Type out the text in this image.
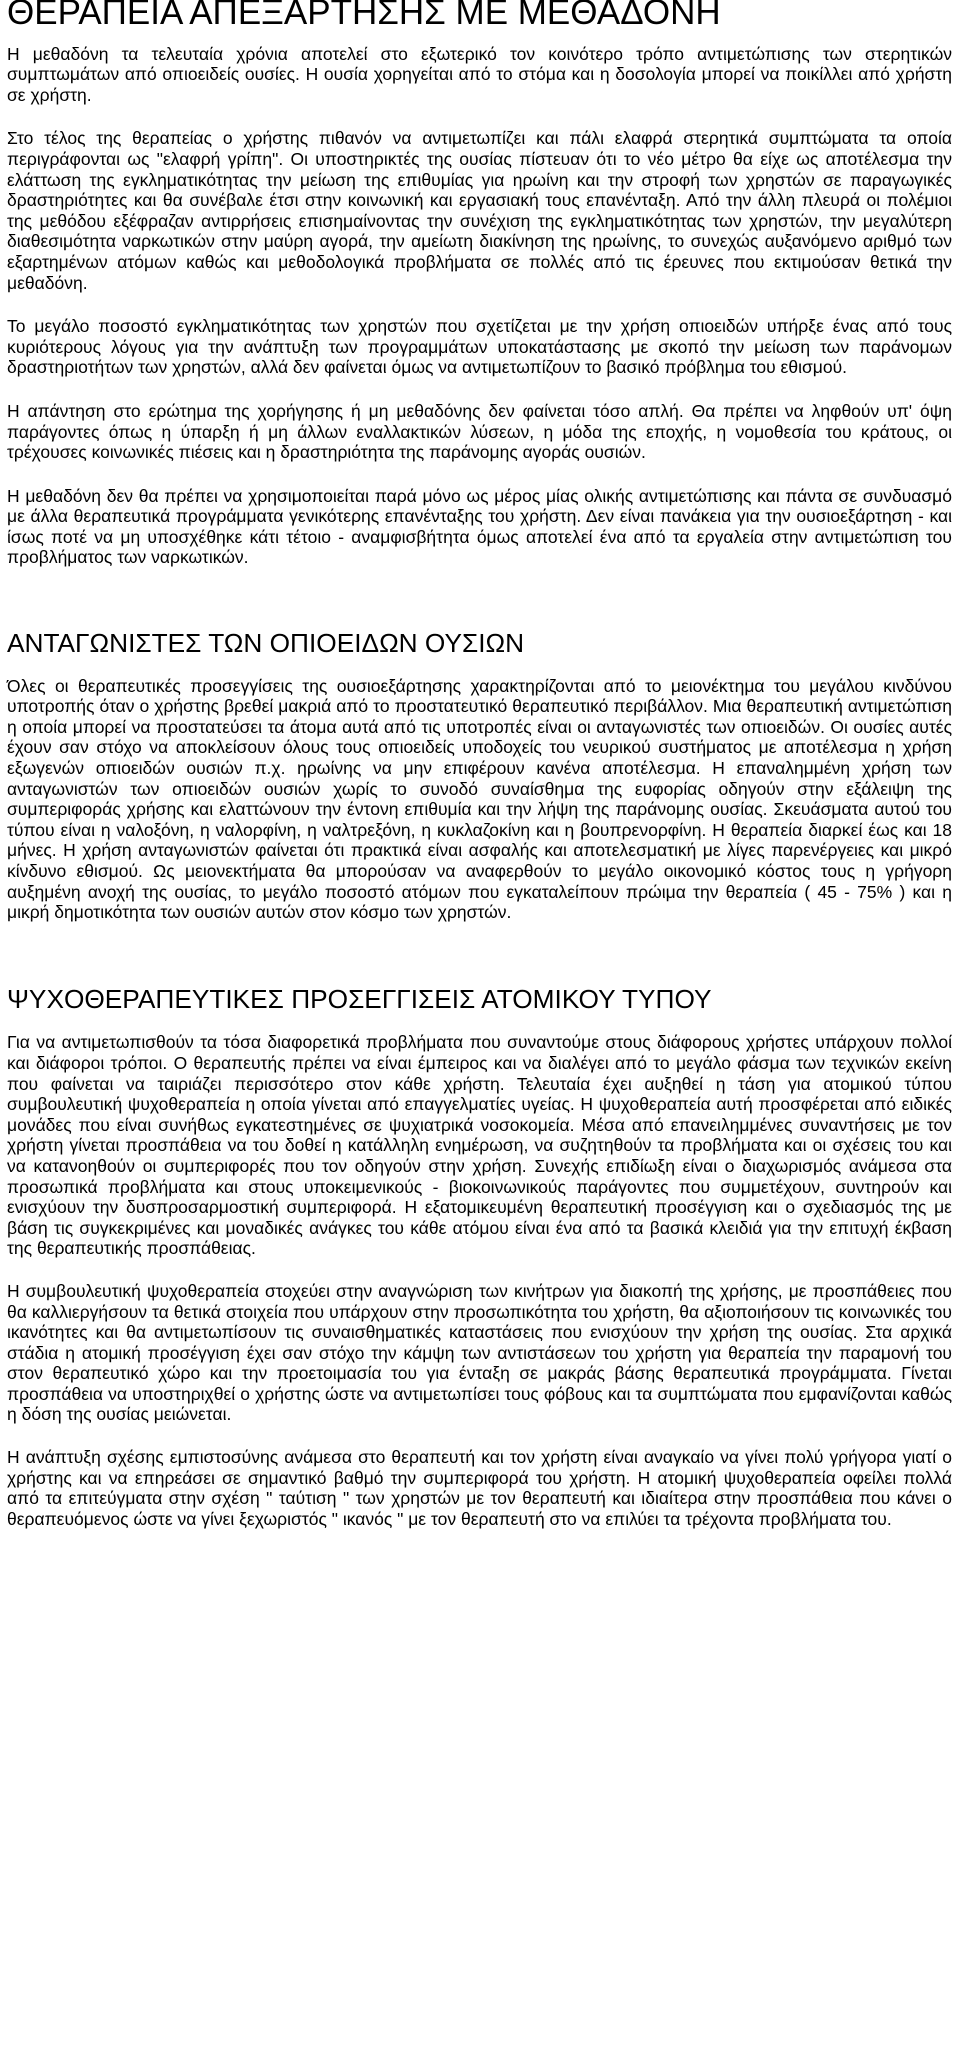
ΘΕΡΑΠΕΙΑ ΑΠΕΞΑΡΤΗΣΗΣ ΜΕ ΜΕΘΑΔΟΝΗ

Η μεθαδόνη τα τελευταία χρόνια αποτελεί στο εξωτερικό τον κοινότερο τρόπο αντιμετώπισης των στερητικών συμπτωμάτων από οπιοειδείς ουσίες. Η ουσία χορηγείται από το στόμα και η δοσολογία μπορεί να ποικίλλει από χρήστη σε χρήστη.

Στο τέλος της θεραπείας ο χρήστης πιθανόν να αντιμετωπίζει και πάλι ελαφρά στερητικά συμπτώματα τα οποία περιγράφονται ως "ελαφρή γρίπη". Οι υποστηρικτές της ουσίας πίστευαν ότι το νέο μέτρο θα είχε ως αποτέλεσμα την ελάττωση της εγκληματικότητας την μείωση της επιθυμίας για ηρωίνη και την στροφή των χρηστών σε παραγωγικές δραστηριότητες και θα συνέβαλε έτσι στην κοινωνική και εργασιακή τους επανένταξη. Από την άλλη πλευρά οι πολέμιοι της μεθόδου εξέφραζαν αντιρρήσεις επισημαίνοντας την συνέχιση της εγκληματικότητας των χρηστών, την μεγαλύτερη διαθεσιμότητα ναρκωτικών στην μαύρη αγορά, την αμείωτη διακίνηση της ηρωίνης, το συνεχώς αυξανόμενο αριθμό των εξαρτημένων ατόμων καθώς και μεθοδολογικά προβλήματα σε πολλές από τις έρευνες που εκτιμούσαν θετικά την μεθαδόνη.

Το μεγάλο ποσοστό εγκληματικότητας των χρηστών που σχετίζεται με την χρήση οπιοειδών υπήρξε ένας από τους κυριότερους λόγους για την ανάπτυξη των προγραμμάτων υποκατάστασης με σκοπό την μείωση των παράνομων δραστηριοτήτων των χρηστών, αλλά δεν φαίνεται όμως να αντιμετωπίζουν το βασικό πρόβλημα του εθισμού.

Η απάντηση στο ερώτημα της χορήγησης ή μη μεθαδόνης δεν φαίνεται τόσο απλή. Θα πρέπει να ληφθούν υπ' όψη παράγοντες όπως η ύπαρξη ή μη άλλων εναλλακτικών λύσεων, η μόδα της εποχής, η νομοθεσία του κράτους, οι τρέχουσες κοινωνικές πιέσεις και η δραστηριότητα της παράνομης αγοράς ουσιών.

Η μεθαδόνη δεν θα πρέπει να χρησιμοποιείται παρά μόνο ως μέρος μίας ολικής αντιμετώπισης και πάντα σε συνδυασμό με άλλα θεραπευτικά προγράμματα γενικότερης επανένταξης του χρήστη. Δεν είναι πανάκεια για την ουσιοεξάρτηση - και ίσως ποτέ να μη υποσχέθηκε κάτι τέτοιο - αναμφισβήτητα όμως αποτελεί ένα από τα εργαλεία στην αντιμετώπιση του προβλήματος των ναρκωτικών.

ΑΝΤΑΓΩΝΙΣΤΕΣ ΤΩΝ ΟΠΙΟΕΙΔΩΝ ΟΥΣΙΩΝ

Όλες οι θεραπευτικές προσεγγίσεις της ουσιοεξάρτησης χαρακτηρίζονται από το μειονέκτημα του μεγάλου κινδύνου υποτροπής όταν ο χρήστης βρεθεί μακριά από το προστατευτικό θεραπευτικό περιβάλλον. Μια θεραπευτική αντιμετώπιση η οποία μπορεί να προστατεύσει τα άτομα αυτά από τις υποτροπές είναι οι ανταγωνιστές των οπιοειδών. Οι ουσίες αυτές έχουν σαν στόχο να αποκλείσουν όλους τους οπιοειδείς υποδοχείς του νευρικού συστήματος με αποτέλεσμα η χρήση εξωγενών οπιοειδών ουσιών π.χ. ηρωίνης να μην επιφέρουν κανένα αποτέλεσμα. Η επαναλημμένη χρήση των ανταγωνιστών των οπιοειδών ουσιών χωρίς το συνοδό συναίσθημα της ευφορίας οδηγούν στην εξάλειψη της συμπεριφοράς χρήσης και ελαττώνουν την έντονη επιθυμία και την λήψη της παράνομης ουσίας. Σκευάσματα αυτού του τύπου είναι η ναλοξόνη, η ναλορφίνη, η ναλτρεξόνη, η κυκλαζοκίνη και η βουπρενορφίνη. Η θεραπεία διαρκεί έως και 18 μήνες. Η χρήση ανταγωνιστών φαίνεται ότι πρακτικά είναι ασφαλής και αποτελεσματική με λίγες παρενέργειες και μικρό κίνδυνο εθισμού. Ως μειονεκτήματα θα μπορούσαν να αναφερθούν το μεγάλο οικονομικό κόστος τους η γρήγορη αυξημένη ανοχή της ουσίας, το μεγάλο ποσοστό ατόμων που εγκαταλείπουν πρώιμα την θεραπεία ( 45 - 75% ) και η μικρή δημοτικότητα των ουσιών αυτών στον κόσμο των χρηστών.

ΨΥΧΟΘΕΡΑΠΕΥΤΙΚΕΣ ΠΡΟΣΕΓΓΙΣΕΙΣ ΑΤΟΜΙΚΟΥ ΤΥΠΟΥ

Για να αντιμετωπισθούν τα τόσα διαφορετικά προβλήματα που συναντούμε στους διάφορους χρήστες υπάρχουν πολλοί και διάφοροι τρόποι. Ο θεραπευτής πρέπει να είναι έμπειρος και να διαλέγει από το μεγάλο φάσμα των τεχνικών εκείνη που φαίνεται να ταιριάζει περισσότερο στον κάθε χρήστη. Τελευταία έχει αυξηθεί η τάση για ατομικού τύπου συμβουλευτική ψυχοθεραπεία η οποία γίνεται από επαγγελματίες υγείας. Η ψυχοθεραπεία αυτή προσφέρεται από ειδικές μονάδες που είναι συνήθως εγκατεστημένες σε ψυχιατρικά νοσοκομεία. Μέσα από επανειλημμένες συναντήσεις με τον χρήστη γίνεται προσπάθεια να του δοθεί η κατάλληλη ενημέρωση, να συζητηθούν τα προβλήματα και οι σχέσεις του και να κατανοηθούν οι συμπεριφορές που τον οδηγούν στην χρήση. Συνεχής επιδίωξη είναι ο διαχωρισμός ανάμεσα στα προσωπικά προβλήματα και στους υποκειμενικούς - βιοκοινωνικούς παράγοντες που συμμετέχουν, συντηρούν και ενισχύουν την δυσπροσαρμοστική συμπεριφορά. Η εξατομικευμένη θεραπευτική προσέγγιση και ο σχεδιασμός της με βάση τις συγκεκριμένες και μοναδικές ανάγκες του κάθε ατόμου είναι ένα από τα βασικά κλειδιά για την επιτυχή έκβαση της θεραπευτικής προσπάθειας.

Η συμβουλευτική ψυχοθεραπεία στοχεύει στην αναγνώριση των κινήτρων για διακοπή της χρήσης, με προσπάθειες που θα καλλιεργήσουν τα θετικά στοιχεία που υπάρχουν στην προσωπικότητα του χρήστη, θα αξιοποιήσουν τις κοινωνικές του ικανότητες και θα αντιμετωπίσουν τις συναισθηματικές καταστάσεις που ενισχύουν την χρήση της ουσίας. Στα αρχικά στάδια η ατομική προσέγγιση έχει σαν στόχο την κάμψη των αντιστάσεων του χρήστη για θεραπεία την παραμονή του στον θεραπευτικό χώρο και την προετοιμασία του για ένταξη σε μακράς βάσης θεραπευτικά προγράμματα. Γίνεται προσπάθεια να υποστηριχθεί ο χρήστης ώστε να αντιμετωπίσει τους φόβους και τα συμπτώματα που εμφανίζονται καθώς η δόση της ουσίας μειώνεται.

Η ανάπτυξη σχέσης εμπιστοσύνης ανάμεσα στο θεραπευτή και τον χρήστη είναι αναγκαίο να γίνει πολύ γρήγορα γιατί ο χρήστης και να επηρεάσει σε σημαντικό βαθμό την συμπεριφορά του χρήστη. Η ατομική ψυχοθεραπεία οφείλει πολλά από τα επιτεύγματα στην σχέση " ταύτιση " των χρηστών με τον θεραπευτή και ιδιαίτερα στην προσπάθεια που κάνει ο θεραπευόμενος ώστε να γίνει ξεχωριστός " ικανός " με τον θεραπευτή στο να επιλύει τα τρέχοντα προβλήματα του.
